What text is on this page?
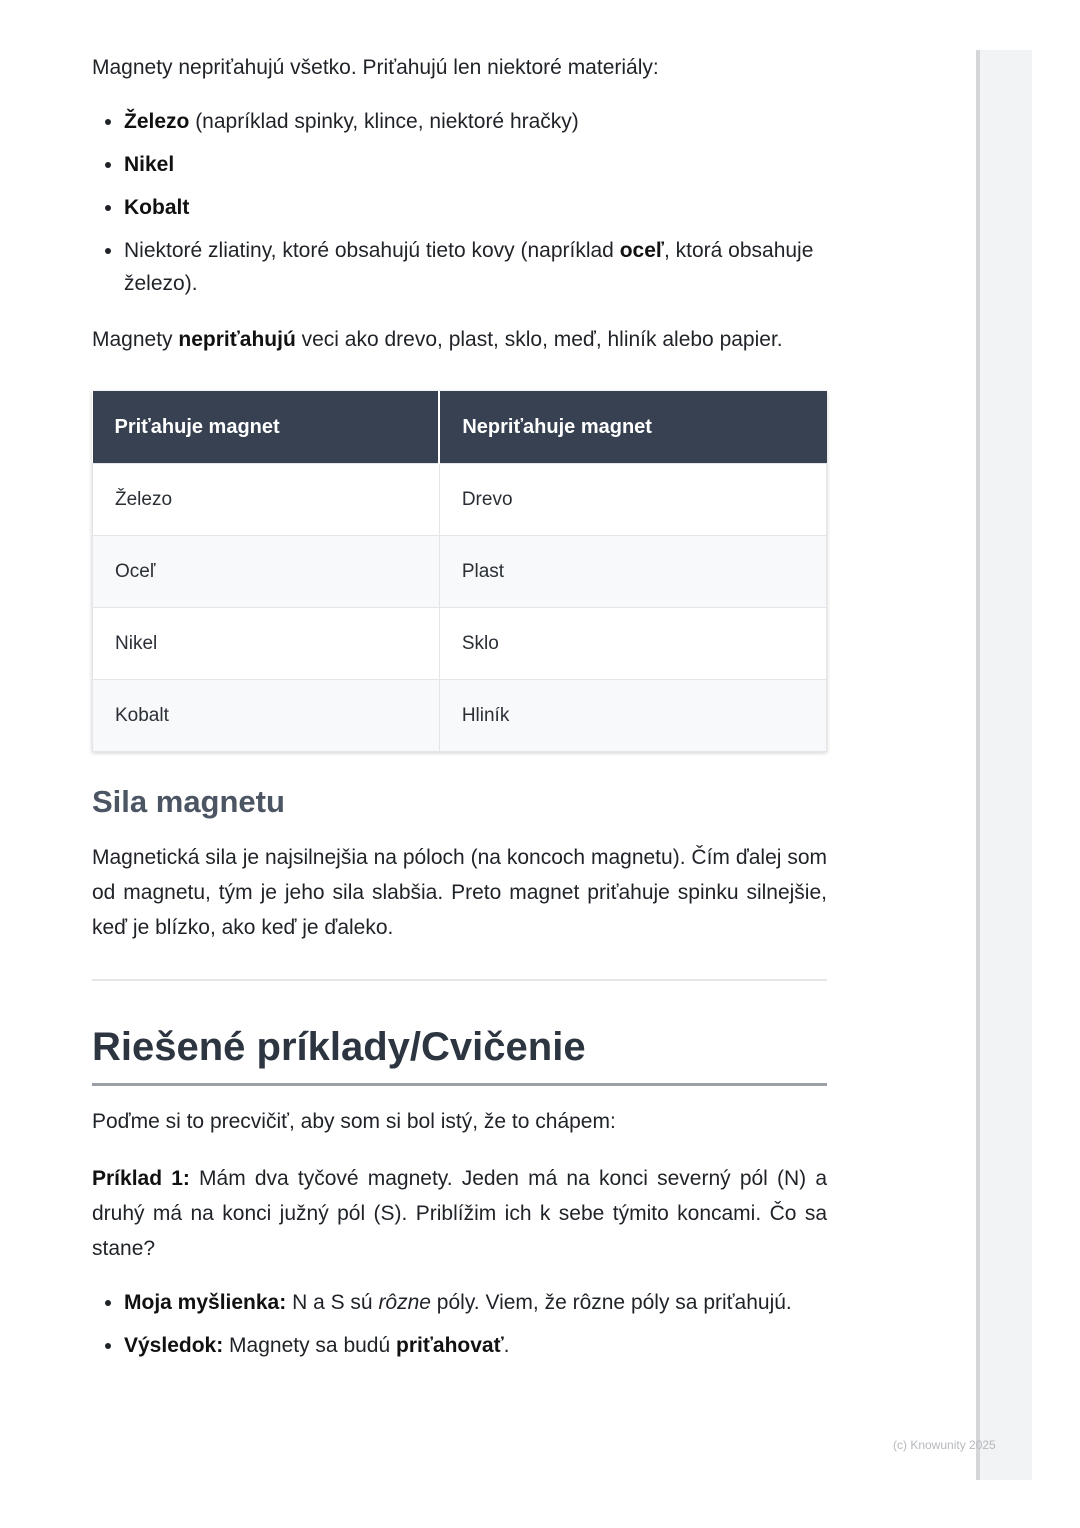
Magnety nepriťahujú všetko. Priťahujú len niektoré materiály:

• Železo (napríklad spinky, klince, niektoré hračky)
• Nikel
• Kobalt
• Niektoré zliatiny, ktoré obsahujú tieto kovy (napríklad oceľ, ktorá obsahuje železo).

Magnety nepriťahujú veci ako drevo, plast, sklo, meď, hliník alebo papier.

Priťahuje magnet	Nepriťahuje magnet
Železo	Drevo
Oceľ	Plast
Nikel	Sklo
Kobalt	Hliník
Sila magnetu

Magnetická sila je najsilnejšia na póloch (na koncoch magnetu). Čím ďalej som od magnetu, tým je jeho sila slabšia. Preto magnet priťahuje spinku silnejšie, keď je blízko, ako keď je ďaleko.

Riešené príklady/Cvičenie

Poďme si to precvičiť, aby som si bol istý, že to chápem:

Príklad 1: Mám dva tyčové magnety. Jeden má na konci severný pól (N) a druhý má na konci južný pól (S). Priblížim ich k sebe týmito koncami. Čo sa stane?

• Moja myšlienka: N a S sú rôzne póly. Viem, že rôzne póly sa priťahujú.
• Výsledok: Magnety sa budú priťahovať.
(c) Knowunity 2025
